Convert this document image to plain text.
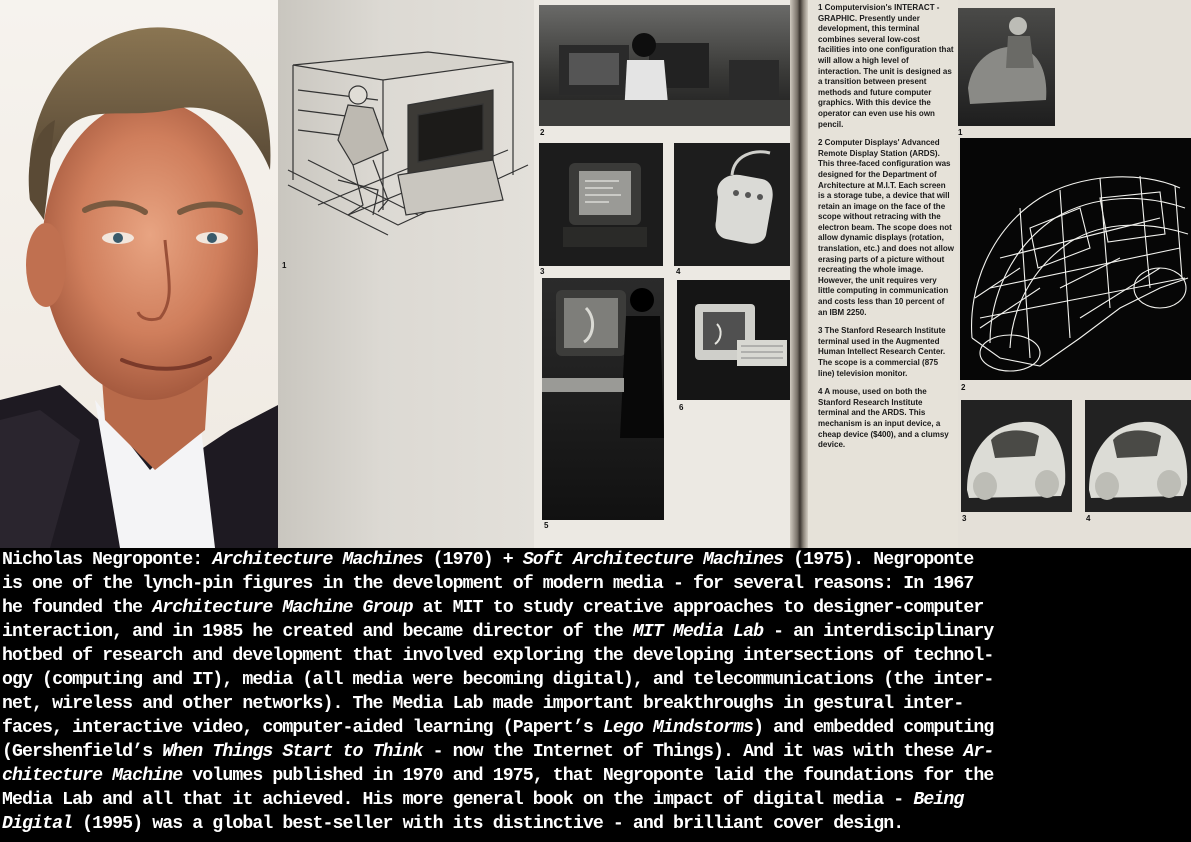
1
2
3	4
5
6

1 Computervision's INTERACT - GRAPHIC. Presently under development, this terminal combines several low-cost facilities into one configuration that will allow a high level of interaction. The unit is designed as a transition between present methods and future computer graphics. With this device the operator can even use his own pencil.

2 Computer Displays' Advanced Remote Display Station (ARDS). This three-faced configuration was designed for the Department of Architecture at M.I.T. Each screen is a storage tube, a device that will retain an image on the face of the scope without retracing with the electron beam. The scope does not allow dynamic displays (rotation, translation, etc.) and does not allow erasing parts of a picture without recreating the whole image. However, the unit requires very little computing in communication and costs less than 10 percent of an IBM 2250.

3 The Stanford Research Institute terminal used in the Augmented Human Intellect Research Center. The scope is a commercial (875 line) television monitor.

4 A mouse, used on both the Stanford Research Institute terminal and the ARDS. This mechanism is an input device, a cheap device ($400), and a clumsy device.

1
2
3	4
Nicholas Negroponte: Architecture Machines (1970) + Soft Architecture Machines (1975). Negroponte
is one of the lynch-pin figures in the development of modern media - for several reasons: In 1967
he founded the Architecture Machine Group at MIT to study creative approaches to designer-computer
interaction, and in 1985 he created and became director of the MIT Media Lab - an interdisciplinary
hotbed of research and development that involved exploring the developing intersections of technol-
ogy (computing and IT), media (all media were becoming digital), and telecommunications (the inter-
net, wireless and other networks). The Media Lab made important breakthroughs in gestural inter-
faces, interactive video, computer-aided learning (Papert’s Lego Mindstorms) and embedded computing
(Gershenfield’s When Things Start to Think - now the Internet of Things). And it was with these Ar-
chitecture Machine volumes published in 1970 and 1975, that Negroponte laid the foundations for the
Media Lab and all that it achieved. His more general book on the impact of digital media - Being
Digital (1995) was a global best-seller with its distinctive - and brilliant cover design.
